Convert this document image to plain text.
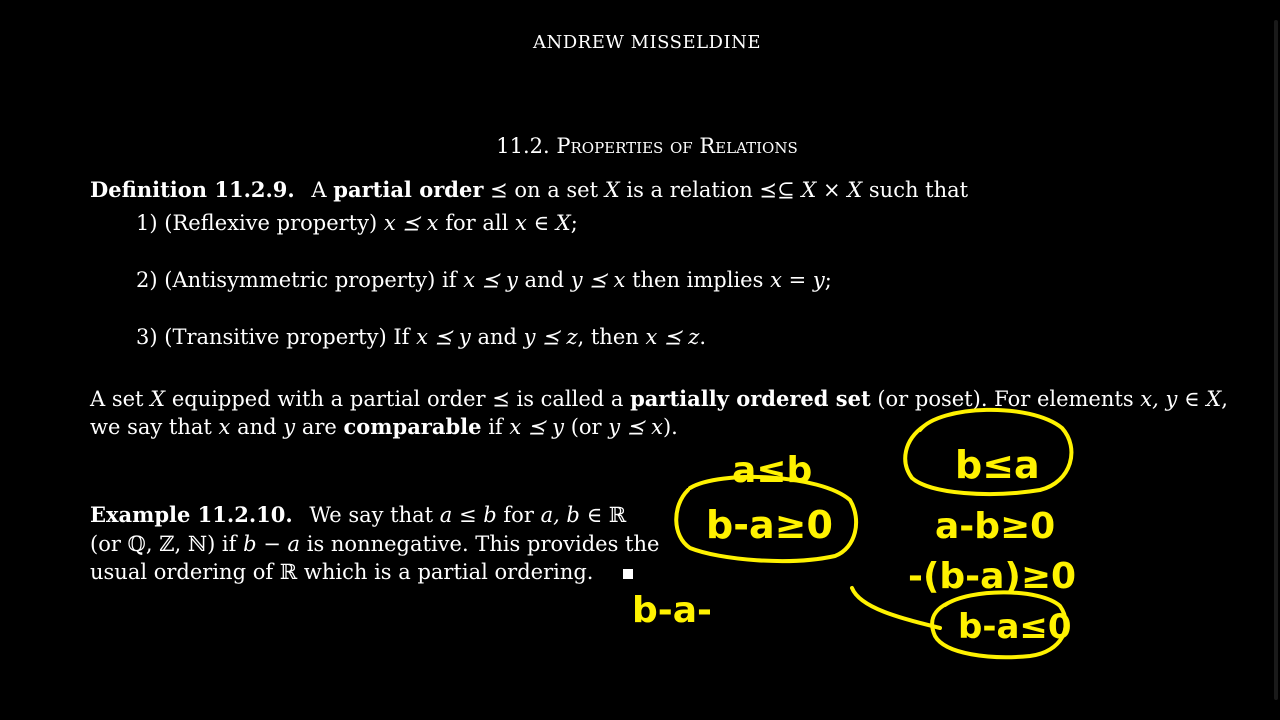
ANDREW MISSELDINE
11.2. Properties of Relations
Definition 11.2.9. A partial order ⪯ on a set X is a relation ⪯⊆ X × X such that
1) (Reflexive property) x ⪯ x for all x ∈ X;
2) (Antisymmetric property) if x ⪯ y and y ⪯ x then implies x = y;
3) (Transitive property) If x ⪯ y and y ⪯ z, then x ⪯ z.
A set X equipped with a partial order ⪯ is called a partially ordered set (or poset). For elements x, y ∈ X,
we say that x and y are comparable if x ⪯ y (or y ⪯ x).
Example 11.2.10. We say that a ≤ b for a, b ∈ ℝ
(or ℚ, ℤ, ℕ) if b − a is nonnegative. This provides the
usual ordering of ℝ which is a partial ordering.
a≤b
b-a≥0
b≤a
a-b≥0
-(b-a)≥0
b-a≤0
b-a-
